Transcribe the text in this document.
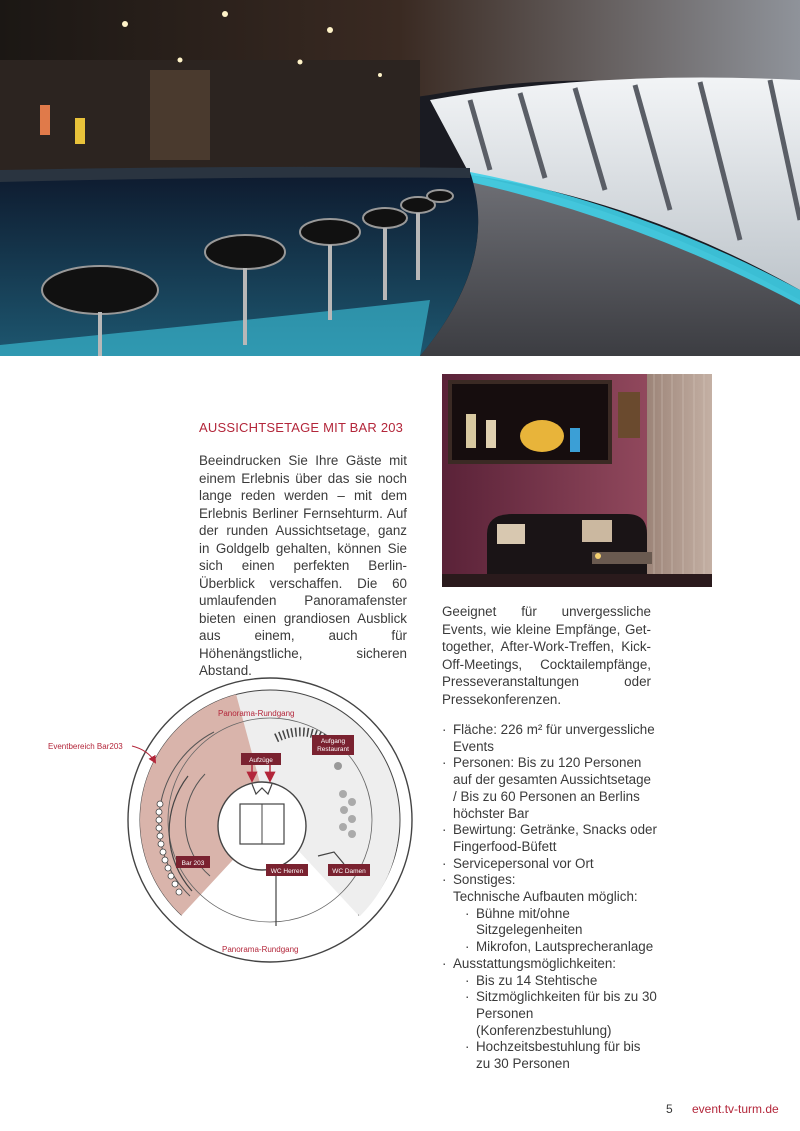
AUSSICHTSETAGE MIT BAR 203

Beeindrucken Sie Ihre Gäste mit einem Erlebnis über das sie noch lange reden werden – mit dem Erlebnis Berliner Fernsehturm. Auf der runden Aussichtsetage, ganz in Goldgelb gehalten, können Sie sich einen perfekten Berlin-Überblick verschaffen. Die 60 umlaufenden Panoramafenster bieten einen grandiosen Ausblick aus einem, auch für Höhenängstliche, sicheren Abstand.

Geeignet für unvergessliche Events, wie kleine Empfänge, Get-together, After-Work-Treffen, Kick-Off-Meetings, Cocktailempfänge, Presseveranstaltungen oder Pressekonferenzen.

· Fläche: 226 m² für unvergessliche Events
· Personen: Bis zu 120 Personen auf der gesamten Aussichtsetage / Bis zu 60 Personen an Berlins höchster Bar
· Bewirtung: Getränke, Snacks oder Fingerfood-Büfett
· Servicepersonal vor Ort
· Sonstiges:
Technische Aufbauten möglich:
· Bühne mit/ohne Sitzgelegenheiten
· Mikrofon, Lautsprecheranlage
· Ausstattungsmöglichkeiten:
· Bis zu 14 Stehtische
· Sitzmöglichkeiten für bis zu 30 Personen (Konferenzbestuhlung)
· Hochzeitsbestuhlung für bis zu 30 Personen
Panorama-Rundgang
Panorama-Rundgang
Eventbereich Bar203
Aufzüge
Aufgang
Restaurant
Bar 203
WC Herren	WC Damen
5 event.tv-turm.de
